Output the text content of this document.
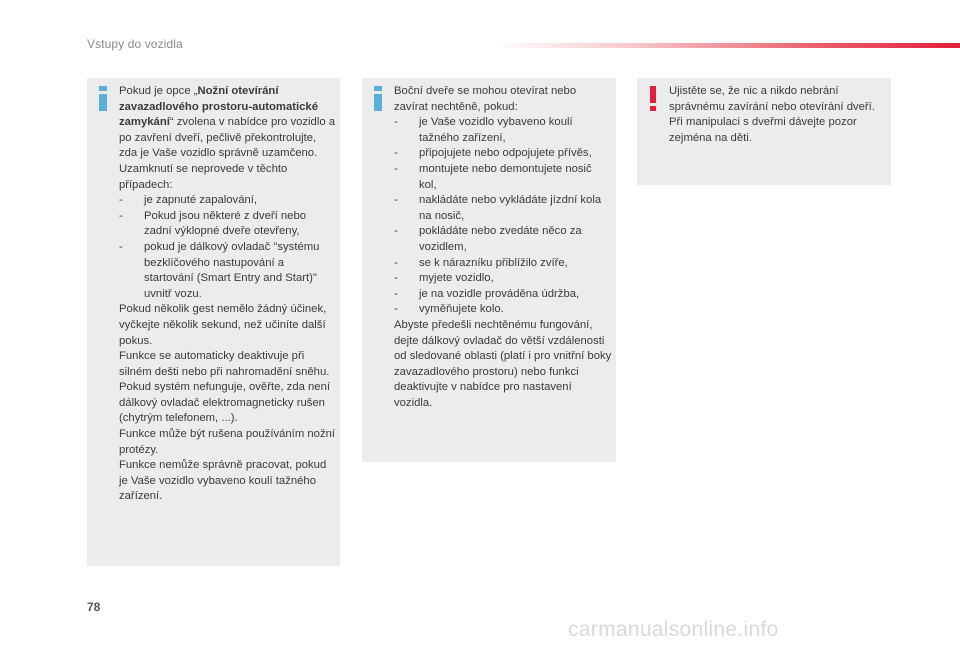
Vstupy do vozidla

Pokud je opce „Nožní otevírání zavazadlového prostoru-automatické zamykání“ zvolena v nabídce pro vozidlo a po zavření dveří, pečlivě překontrolujte, zda je Vaše vozidlo správně uzamčeno.

Uzamknutí se neprovede v těchto případech:

- je zapnuté zapalování,
- Pokud jsou některé z dveří nebo zadní výklopné dveře otevřeny,
- pokud je dálkový ovladač "systému bezklíčového nastupování a startování (Smart Entry and Start)" uvnitř vozu.

Pokud několik gest nemělo žádný účinek, vyčkejte několik sekund, než učiníte další pokus.

Funkce se automaticky deaktivuje při silném dešti nebo při nahromadění sněhu.

Pokud systém nefunguje, ověřte, zda není dálkový ovladač elektromagneticky rušen (chytrým telefonem, ...).

Funkce může být rušena používáním nožní protézy.

Funkce nemůže správně pracovat, pokud je Vaše vozidlo vybaveno koulí tažného zařízení.

Boční dveře se mohou otevírat nebo zavírat nechtěně, pokud:

- je Vaše vozidlo vybaveno koulí tažného zařízení,
- připojujete nebo odpojujete přívěs,
- montujete nebo demontujete nosič kol,
- nakládáte nebo vykládáte jízdní kola na nosič,
- pokládáte nebo zvedáte něco za vozidlem,
- se k nárazníku přiblížilo zvíře,
- myjete vozidlo,
- je na vozidle prováděna údržba,
- vyměňujete kolo.

Abyste předešli nechtěnému fungování, dejte dálkový ovladač do větší vzdálenosti od sledované oblasti (platí i pro vnitřní boky zavazadlového prostoru) nebo funkci deaktivujte v nabídce pro nastavení vozidla.

Ujistěte se, že nic a nikdo nebrání správnému zavírání nebo otevírání dveří.

Při manipulaci s dveřmi dávejte pozor zejména na děti.

78
carmanualsonline.info
